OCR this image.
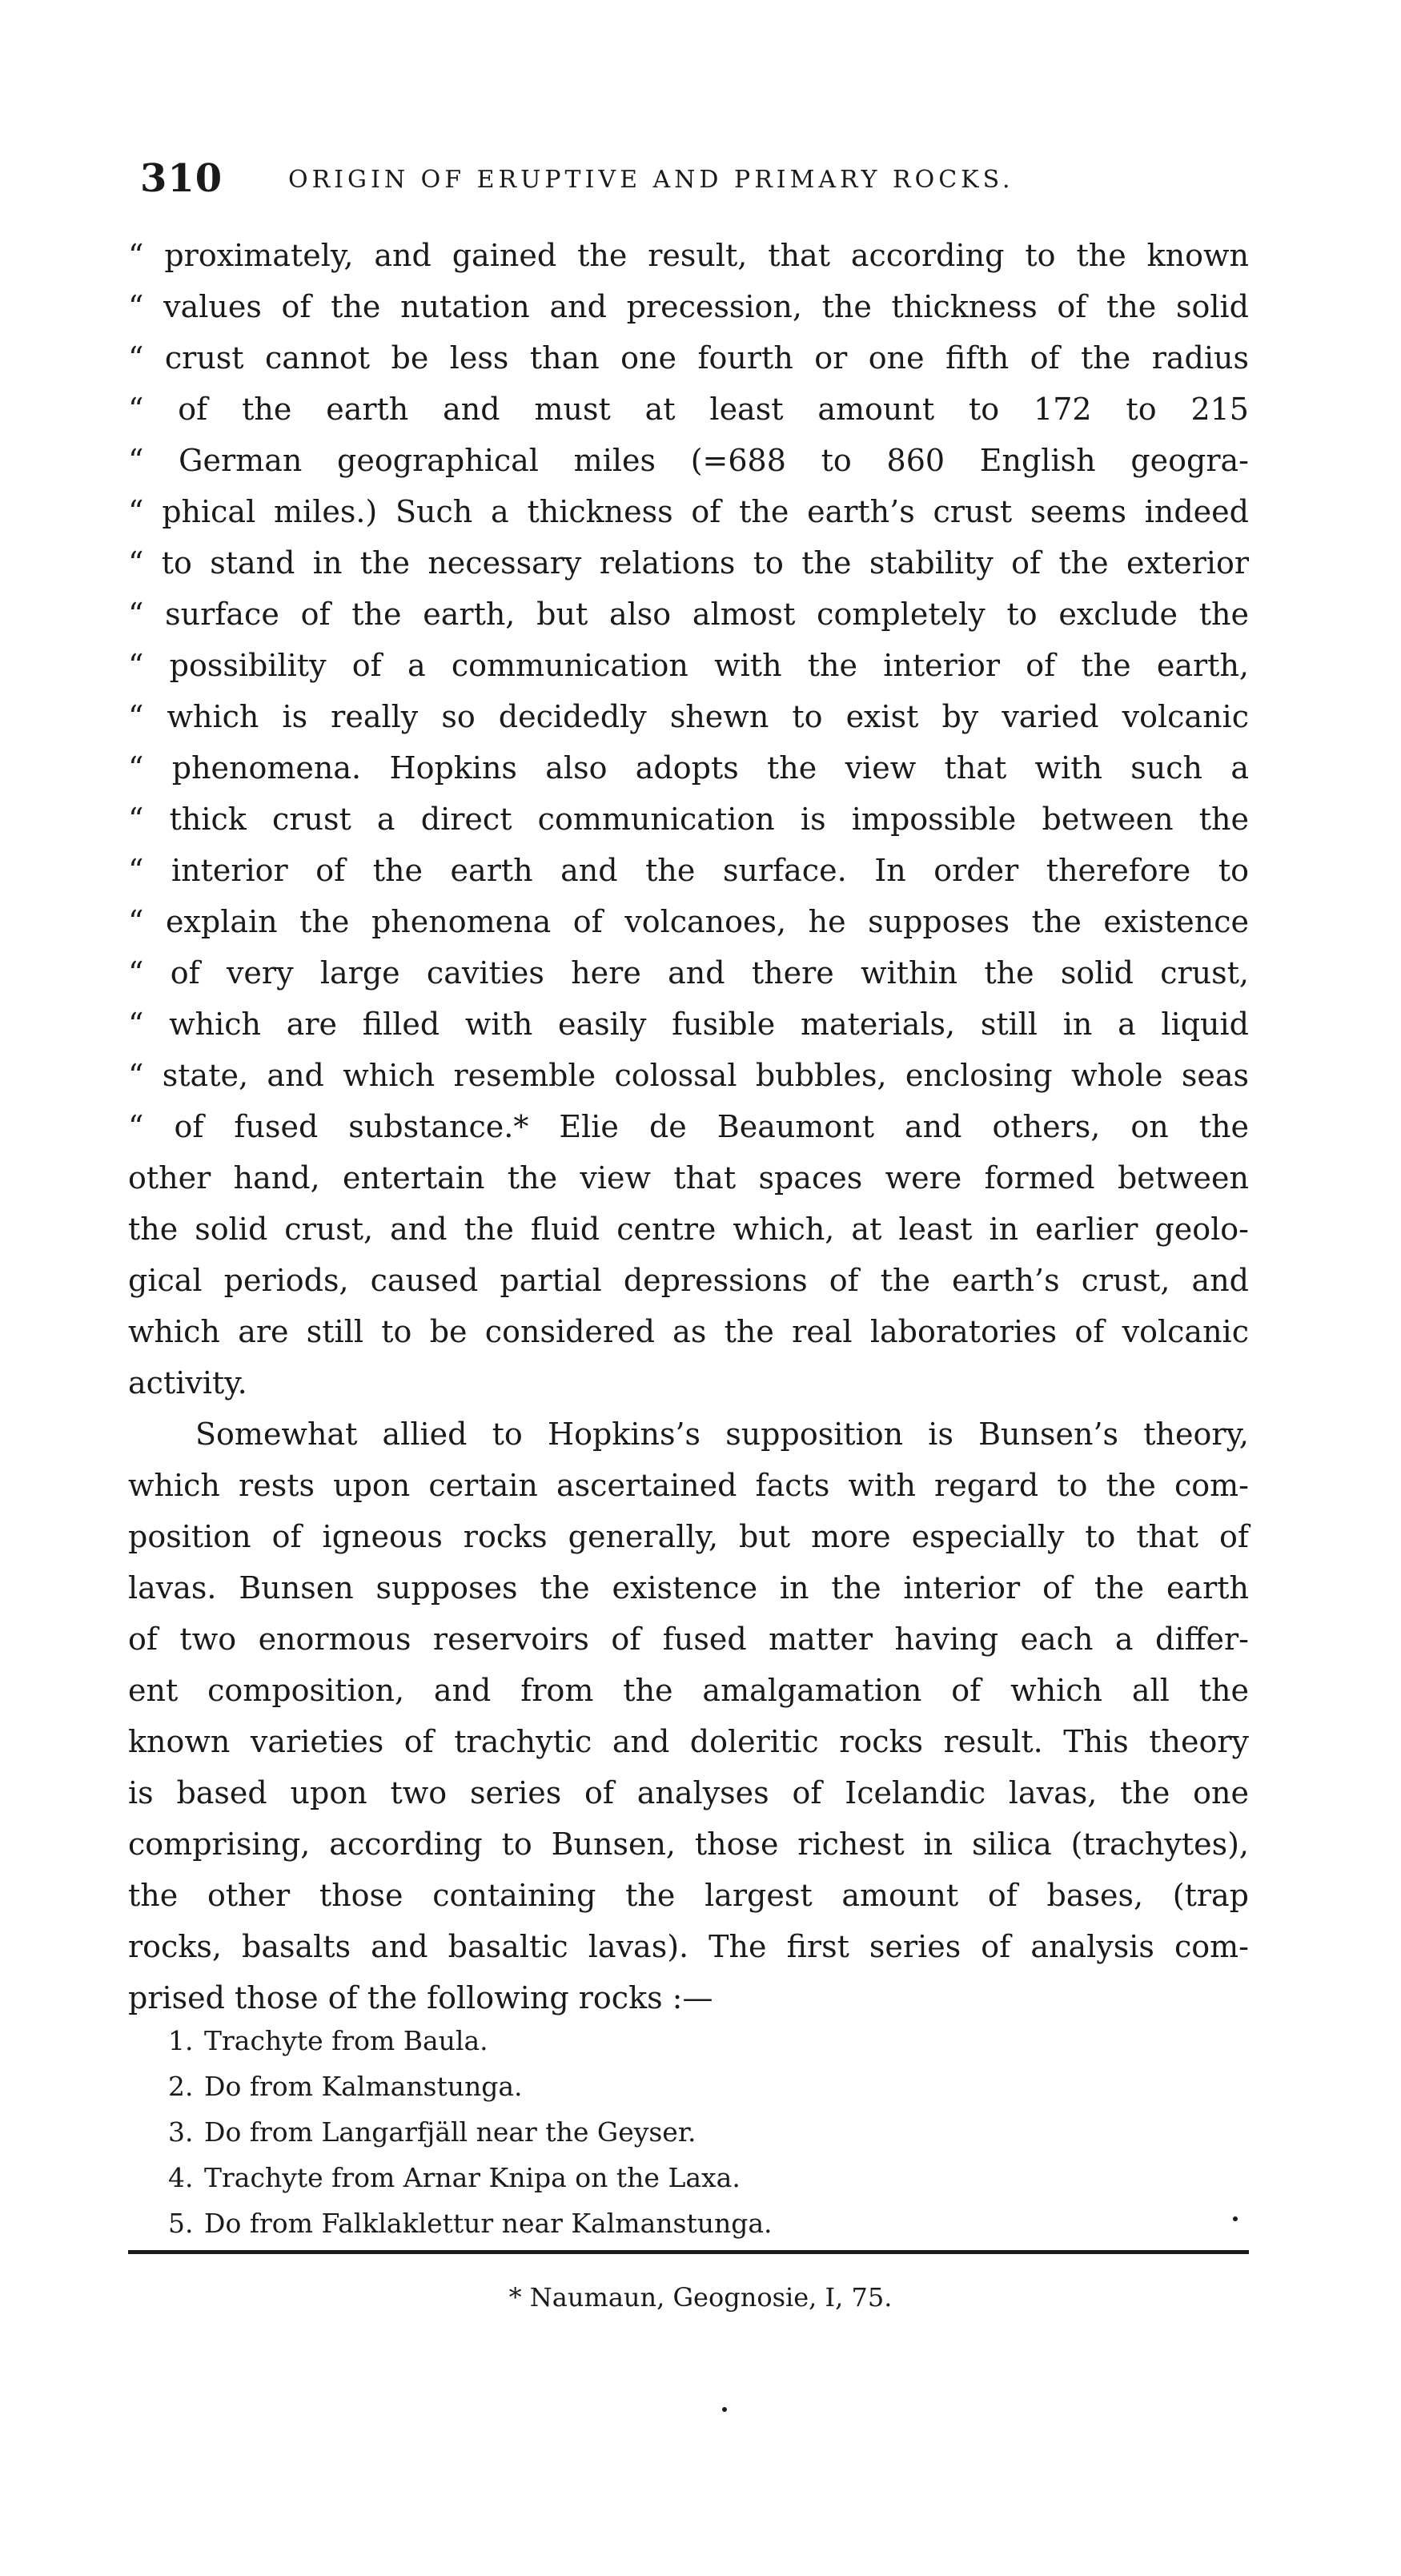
310	ORIGIN OF ERUPTIVE AND PRIMARY ROCKS.
“ proximately, and gained the result, that according to the known
“ values of the nutation and precession, the thickness of the solid
“ crust cannot be less than one fourth or one fifth of the radius
“ of the earth and must at least amount to 172 to 215
“ German geographical miles (=688 to 860 English geogra-
“ phical miles.) Such a thickness of the earth’s crust seems indeed
“ to stand in the necessary relations to the stability of the exterior
“ surface of the earth, but also almost completely to exclude the
“ possibility of a communication with the interior of the earth,
“ which is really so decidedly shewn to exist by varied volcanic
“ phenomena. Hopkins also adopts the view that with such a
“ thick crust a direct communication is impossible between the
“ interior of the earth and the surface. In order therefore to
“ explain the phenomena of volcanoes, he supposes the existence
“ of very large cavities here and there within the solid crust,
“ which are filled with easily fusible materials, still in a liquid
“ state, and which resemble colossal bubbles, enclosing whole seas
“ of fused substance.* Elie de Beaumont and others, on the
other hand, entertain the view that spaces were formed between
the solid crust, and the fluid centre which, at least in earlier geolo-
gical periods, caused partial depressions of the earth’s crust, and
which are still to be considered as the real laboratories of volcanic
activity.
Somewhat allied to Hopkins’s supposition is Bunsen’s theory,
which rests upon certain ascertained facts with regard to the com-
position of igneous rocks generally, but more especially to that of
lavas. Bunsen supposes the existence in the interior of the earth
of two enormous reservoirs of fused matter having each a differ-
ent composition, and from the amalgamation of which all the
known varieties of trachytic and doleritic rocks result. This theory
is based upon two series of analyses of Icelandic lavas, the one
comprising, according to Bunsen, those richest in silica (trachytes),
the other those containing the largest amount of bases, (trap
rocks, basalts and basaltic lavas). The first series of analysis com-
prised those of the following rocks :—
1. Trachyte from Baula.
2. Do from Kalmanstunga.
3. Do from Langarfjäll near the Geyser.
4. Trachyte from Arnar Knipa on the Laxa.
5. Do from Falklaklettur near Kalmanstunga.
* Naumaun, Geognosie, I, 75.
